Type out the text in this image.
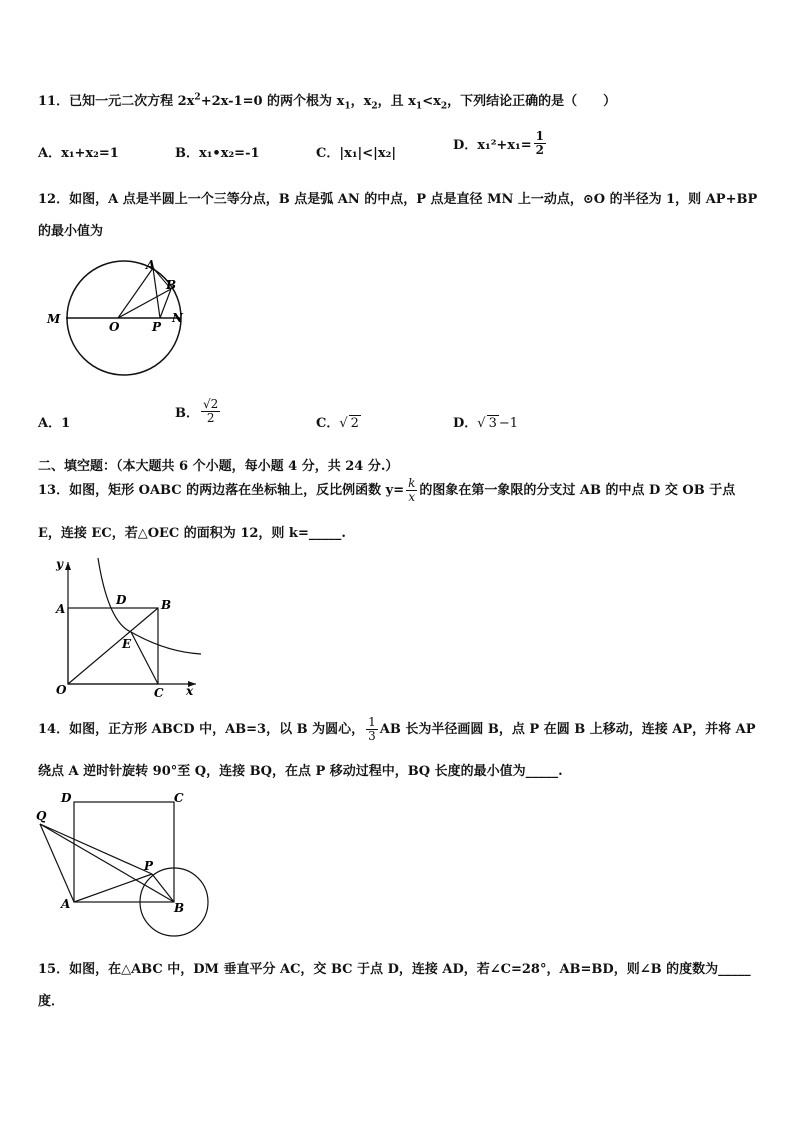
11．已知一元二次方程 $2x^2+2x-1=0$ 的两个根为 $x_1$，$x_2$，且 $x_1<x_2$，下列结论正确的是（　　）
A．x₁+x₂=1	B．x₁•x₂=-1	C．|x₁|<|x₂|
D．$x_1^2+x_1= \frac{1}{2}$
12．如图，A 点是半圆上一个三等分点，B 点是弧 AN 的中点，P 点是直径 MN 上一动点，⊙O 的半径为 1，则 AP+BP
的最小值为
A
B
M
O	P
N
A．1
B． $\frac{√2}{2}$	C．√ 2	D．√ 3 −1
二、填空题：（本大题共 6 个小题，每小题 4 分，共 24 分.）
13．如图，矩形 OABC 的两边落在坐标轴上，反比例函数 $y= \frac{k}{x}$ 的图象在第一象限的分支过 AB 的中点 D 交 OB 于点
E，连接 EC，若△OEC 的面积为 12，则 k=_____.
y
x
A
D	B
E
O	C
14．如图，正方形 ABCD 中，AB=3，以 B 为圆心， $\frac{1}{3}$ AB 长为半径画圆 B，点 P 在圆 B 上移动，连接 AP，并将 AP
绕点 A 逆时针旋转 90°至 Q，连接 BQ，在点 P 移动过程中，BQ 长度的最小值为_____.
D	C
Q
P
A	B
15．如图，在△ABC 中，DM 垂直平分 AC，交 BC 于点 D，连接 AD，若∠C=28°，AB=BD，则∠B 的度数为_____
度．
